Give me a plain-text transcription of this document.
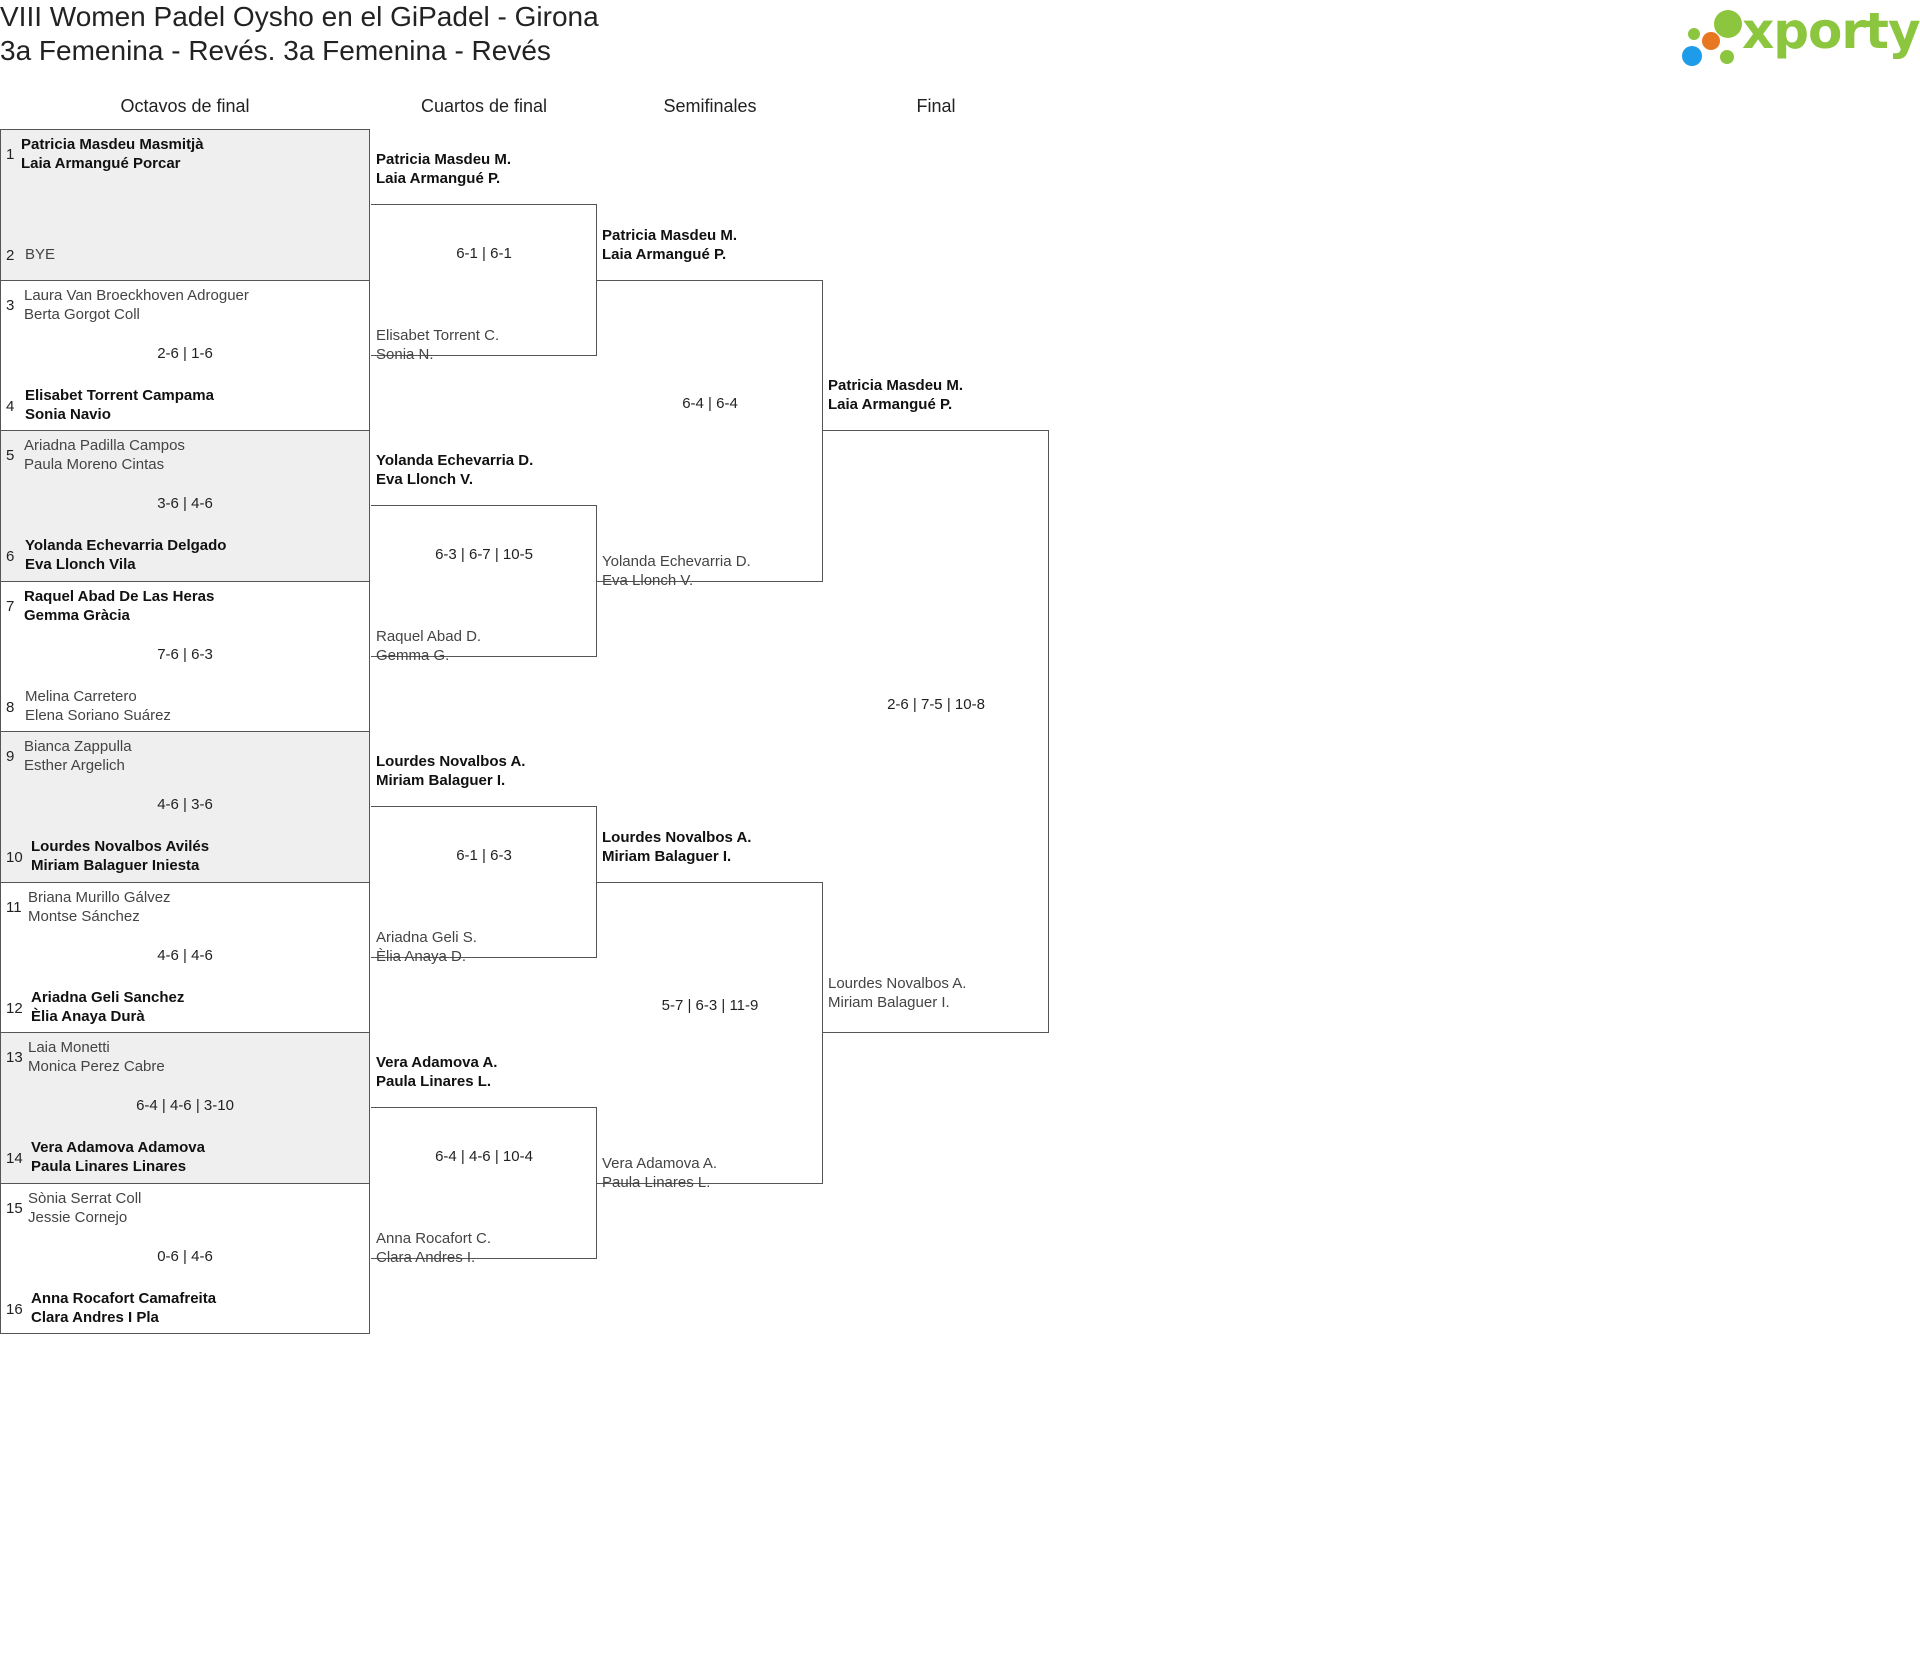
VIII Women Padel Oysho en el GiPadel - Girona
3a Femenina - Revés. 3a Femenina - Revés	xporty
Octavos de final	Cuartos de final	Semifinales	Final
1
Patricia Masdeu Masmitjà
Laia Armangué Porcar
2 BYE
3
Laura Van Broeckhoven Adroguer
Berta Gorgot Coll
2-6 | 1-6
4
Elisabet Torrent Campama
Sonia Navio
5
Ariadna Padilla Campos
Paula Moreno Cintas
3-6 | 4-6
6
Yolanda Echevarria Delgado
Eva Llonch Vila
7
Raquel Abad De Las Heras
Gemma Gràcia
7-6 | 6-3
8
Melina Carretero
Elena Soriano Suárez
9
Bianca Zappulla
Esther Argelich
4-6 | 3-6
10
Lourdes Novalbos Avilés
Miriam Balaguer Iniesta
11
Briana Murillo Gálvez
Montse Sánchez
4-6 | 4-6
12
Ariadna Geli Sanchez
Èlia Anaya Durà
13
Laia Monetti
Monica Perez Cabre
6-4 | 4-6 | 3-10
14
Vera Adamova Adamova
Paula Linares Linares
15
Sònia Serrat Coll
Jessie Cornejo
0-6 | 4-6
16
Anna Rocafort Camafreita
Clara Andres I Pla
Patricia Masdeu M.
Laia Armangué P.
6-1 | 6-1
Elisabet Torrent C.
Sonia N.
Yolanda Echevarria D.
Eva Llonch V.
6-3 | 6-7 | 10-5
Raquel Abad D.
Gemma G.
Lourdes Novalbos A.
Miriam Balaguer I.
6-1 | 6-3
Ariadna Geli S.
Èlia Anaya D.
Vera Adamova A.
Paula Linares L.
6-4 | 4-6 | 10-4
Anna Rocafort C.
Clara Andres I.
Patricia Masdeu M.
Laia Armangué P.
6-4 | 6-4
Yolanda Echevarria D.
Eva Llonch V.
Lourdes Novalbos A.
Miriam Balaguer I.
5-7 | 6-3 | 11-9
Vera Adamova A.
Paula Linares L.
Patricia Masdeu M.
Laia Armangué P.
2-6 | 7-5 | 10-8
Lourdes Novalbos A.
Miriam Balaguer I.
